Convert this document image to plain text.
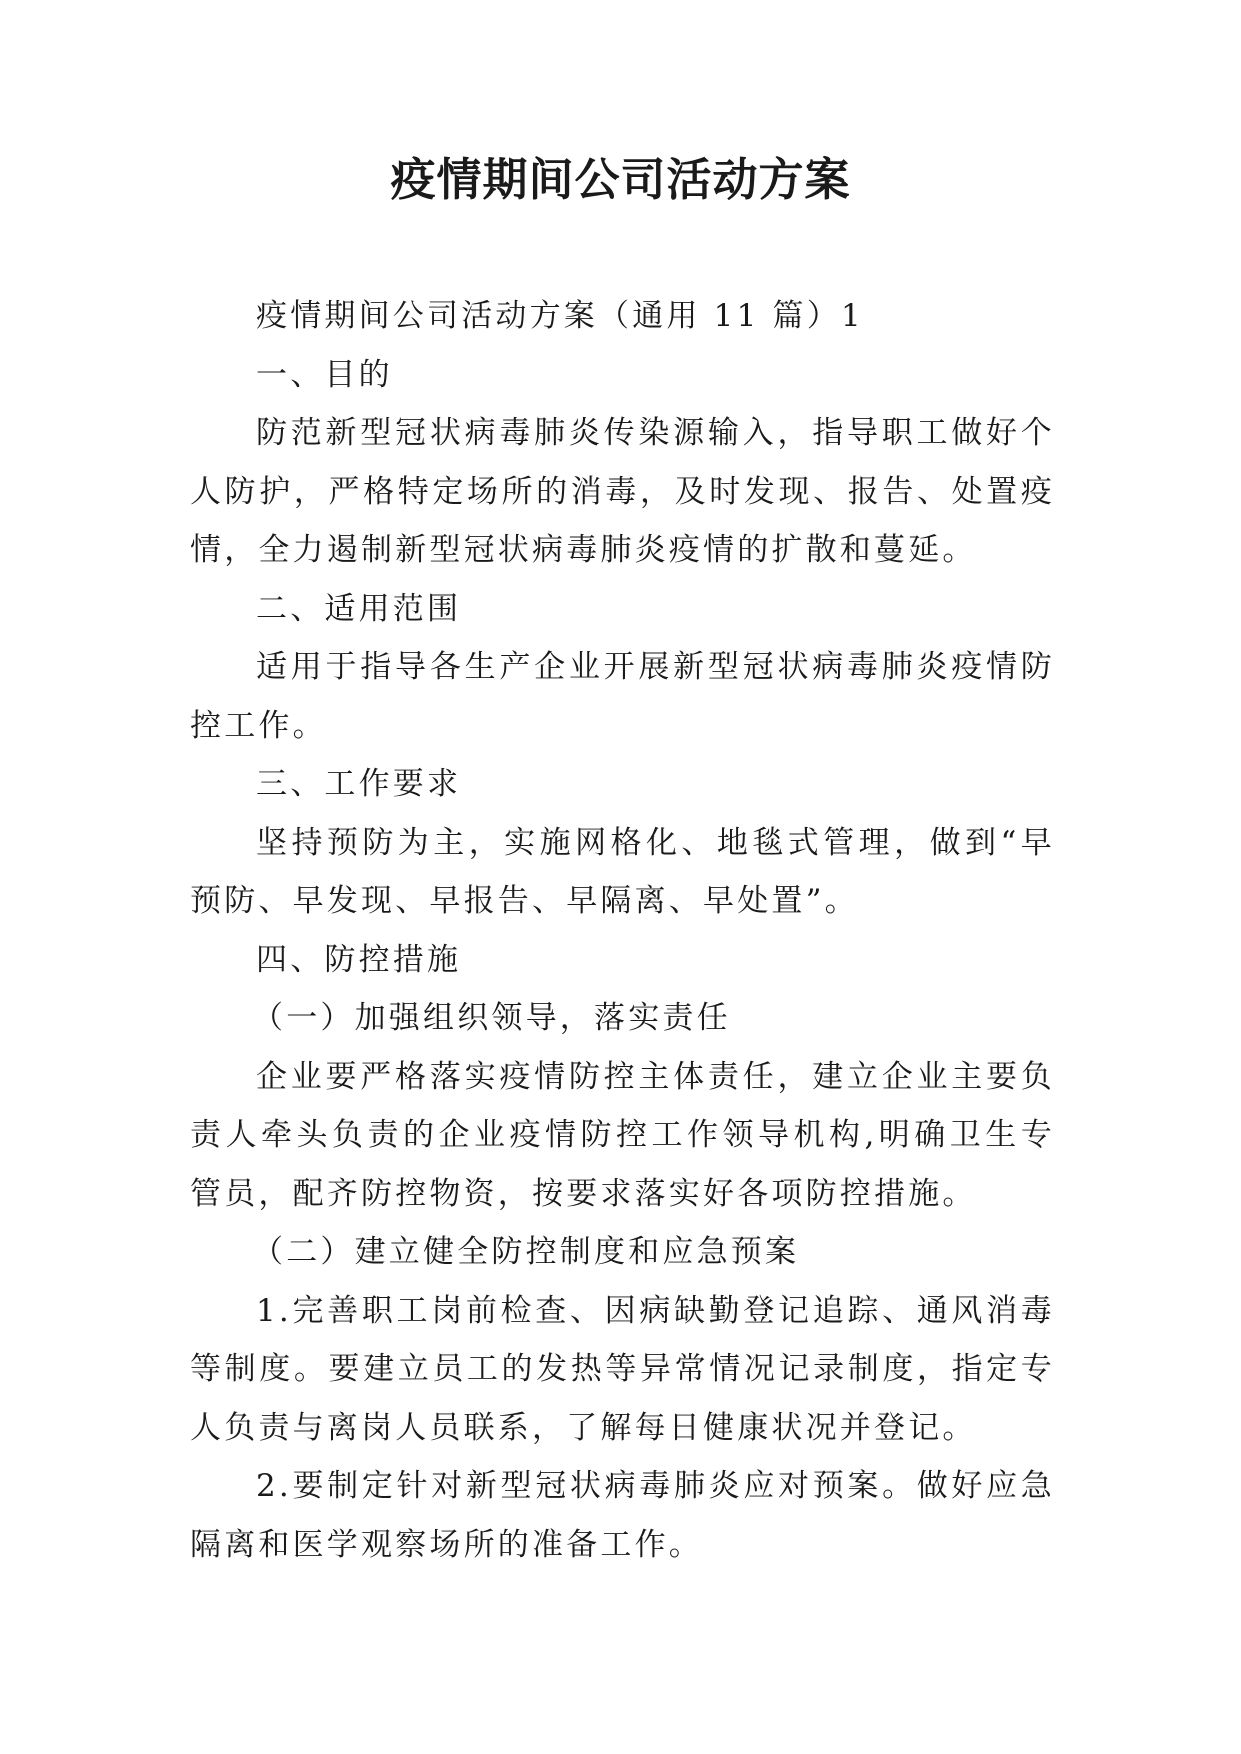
疫情期间公司活动方案

疫情期间公司活动方案（通用 11 篇）1

一、目的

防范新型冠状病毒肺炎传染源输入，指导职工做好个人防护，严格特定场所的消毒，及时发现、报告、处置疫情，全力遏制新型冠状病毒肺炎疫情的扩散和蔓延。

二、适用范围

适用于指导各生产企业开展新型冠状病毒肺炎疫情防控工作。

三、工作要求

坚持预防为主，实施网格化、地毯式管理，做到“早预防、早发现、早报告、早隔离、早处置”。

四、防控措施

（一）加强组织领导，落实责任

企业要严格落实疫情防控主体责任，建立企业主要负责人牵头负责的企业疫情防控工作领导机构,明确卫生专管员，配齐防控物资，按要求落实好各项防控措施。

（二）建立健全防控制度和应急预案

1.完善职工岗前检查、因病缺勤登记追踪、通风消毒等制度。要建立员工的发热等异常情况记录制度，指定专人负责与离岗人员联系，了解每日健康状况并登记。

2.要制定针对新型冠状病毒肺炎应对预案。做好应急隔离和医学观察场所的准备工作。
